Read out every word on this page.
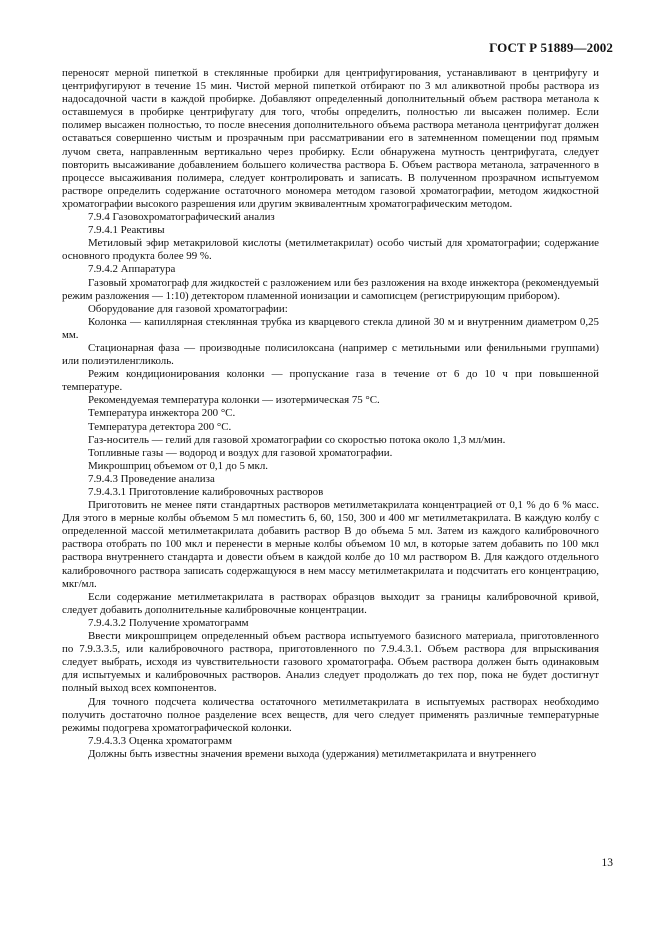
ГОСТ Р 51889—2002

переносят мерной пипеткой в стеклянные пробирки для центрифугирования, устанавливают в центрифугу и центрифугируют в течение 15 мин. Чистой мерной пипеткой отбирают по 3 мл аликвотной пробы раствора из надосадочной части в каждой пробирке. Добавляют определенный дополнительный объем раствора метанола к оставшемуся в пробирке центрифугату для того, чтобы определить, полностью ли высажен полимер. Если полимер высажен полностью, то после внесения дополнительного объема раствора метанола центрифугат должен оставаться совершенно чистым и прозрачным при рассматривании его в затемненном помещении под прямым лучом света, направленным вертикально через пробирку. Если обнаружена мутность центрифугата, следует повторить высаживание добавлением большего количества раствора Б. Объем раствора метанола, затраченного в процессе высаживания полимера, следует контролировать и записать. В полученном прозрачном испытуемом растворе определить содержание остаточного мономера методом газовой хроматографии, методом жидкостной хроматографии высокого разрешения или другим эквивалентным хроматографическим методом.

7.9.4 Газовохроматографический анализ

7.9.4.1 Реактивы

Метиловый эфир метакриловой кислоты (метилметакрилат) особо чистый для хроматографии; содержание основного продукта более 99 %.

7.9.4.2 Аппаратура

Газовый хроматограф для жидкостей с разложением или без разложения на входе инжектора (рекомендуемый режим разложения — 1:10) детектором пламенной ионизации и самописцем (регистрирующим прибором).

Оборудование для газовой хроматографии:

Колонка — капиллярная стеклянная трубка из кварцевого стекла длиной 30 м и внутренним диаметром 0,25 мм.

Стационарная фаза — производные полисилоксана (например с метильными или фенильными группами) или полиэтиленгликоль.

Режим кондиционирования колонки — пропускание газа в течение от 6 до 10 ч при повышенной температуре.

Рекомендуемая температура колонки — изотермическая 75 °С.

Температура инжектора 200 °С.

Температура детектора 200 °С.

Газ-носитель — гелий для газовой хроматографии со скоростью потока около 1,3 мл/мин.

Топливные газы — водород и воздух для газовой хроматографии.

Микрошприц объемом от 0,1 до 5 мкл.

7.9.4.3 Проведение анализа

7.9.4.3.1 Приготовление калибровочных растворов

Приготовить не менее пяти стандартных растворов метилметакрилата концентрацией от 0,1 % до 6 % масс. Для этого в мерные колбы объемом 5 мл поместить 6, 60, 150, 300 и 400 мг метилметакрилата. В каждую колбу с определенной массой метилметакрилата добавить раствор В до объема 5 мл. Затем из каждого калибровочного раствора отобрать по 100 мкл и перенести в мерные колбы объемом 10 мл, в которые затем добавить по 100 мкл раствора внутреннего стандарта и довести объем в каждой колбе до 10 мл раствором В. Для каждого отдельного калибровочного раствора записать содержащуюся в нем массу метилметакрилата и подсчитать его концентрацию, мкг/мл.

Если содержание метилметакрилата в растворах образцов выходит за границы калибровочной кривой, следует добавить дополнительные калибровочные концентрации.

7.9.4.3.2 Получение хроматограмм

Ввести микрошприцем определенный объем раствора испытуемого базисного материала, приготовленного по 7.9.3.3.5, или калибровочного раствора, приготовленного по 7.9.4.3.1. Объем раствора для впрыскивания следует выбрать, исходя из чувствительности газового хроматографа. Объем раствора должен быть одинаковым для испытуемых и калибровочных растворов. Анализ следует продолжать до тех пор, пока не будет достигнут полный выход всех компонентов.

Для точного подсчета количества остаточного метилметакрилата в испытуемых растворах необходимо получить достаточно полное разделение всех веществ, для чего следует применять различные температурные режимы подогрева хроматографической колонки.

7.9.4.3.3 Оценка хроматограмм

Должны быть известны значения времени выхода (удержания) метилметакрилата и внутреннего

13
